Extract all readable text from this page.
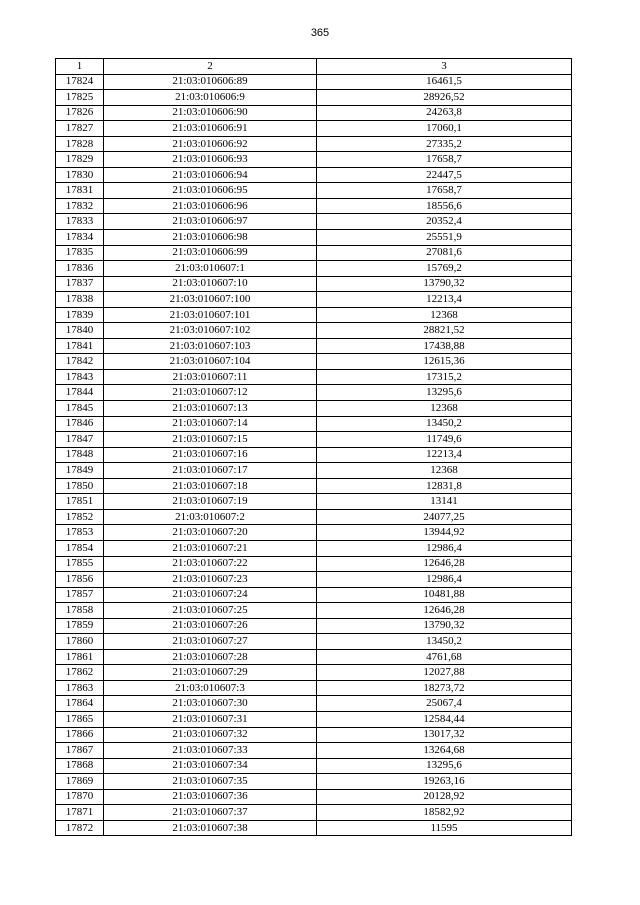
365
1	2	3
17824	21:03:010606:89	16461,5
17825	21:03:010606:9	28926,52
17826	21:03:010606:90	24263,8
17827	21:03:010606:91	17060,1
17828	21:03:010606:92	27335,2
17829	21:03:010606:93	17658,7
17830	21:03:010606:94	22447,5
17831	21:03:010606:95	17658,7
17832	21:03:010606:96	18556,6
17833	21:03:010606:97	20352,4
17834	21:03:010606:98	25551,9
17835	21:03:010606:99	27081,6
17836	21:03:010607:1	15769,2
17837	21:03:010607:10	13790,32
17838	21:03:010607:100	12213,4
17839	21:03:010607:101	12368
17840	21:03:010607:102	28821,52
17841	21:03:010607:103	17438,88
17842	21:03:010607:104	12615,36
17843	21:03:010607:11	17315,2
17844	21:03:010607:12	13295,6
17845	21:03:010607:13	12368
17846	21:03:010607:14	13450,2
17847	21:03:010607:15	11749,6
17848	21:03:010607:16	12213,4
17849	21:03:010607:17	12368
17850	21:03:010607:18	12831,8
17851	21:03:010607:19	13141
17852	21:03:010607:2	24077,25
17853	21:03:010607:20	13944,92
17854	21:03:010607:21	12986,4
17855	21:03:010607:22	12646,28
17856	21:03:010607:23	12986,4
17857	21:03:010607:24	10481,88
17858	21:03:010607:25	12646,28
17859	21:03:010607:26	13790,32
17860	21:03:010607:27	13450,2
17861	21:03:010607:28	4761,68
17862	21:03:010607:29	12027,88
17863	21:03:010607:3	18273,72
17864	21:03:010607:30	25067,4
17865	21:03:010607:31	12584,44
17866	21:03:010607:32	13017,32
17867	21:03:010607:33	13264,68
17868	21:03:010607:34	13295,6
17869	21:03:010607:35	19263,16
17870	21:03:010607:36	20128,92
17871	21:03:010607:37	18582,92
17872	21:03:010607:38	11595
